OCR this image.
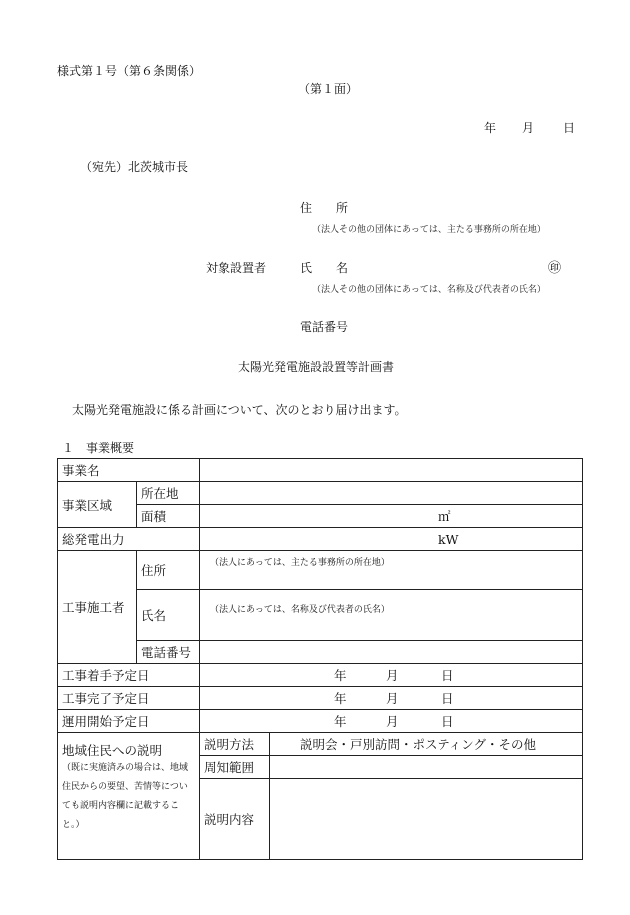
様式第１号（第６条関係）
（第１面）
年 月 日
（宛先）北茨城市長
住　　所
（法人その他の団体にあっては、主たる事務所の所在地）
対象設置者	氏　　名	㊞
（法人その他の団体にあっては、名称及び代表者の氏名）
電話番号
太陽光発電施設設置等計画書
太陽光発電施設に係る計画について、次のとおり届け出ます。
１　事業概要
事業名			
事業区域	所在地		
	面積	㎡	
総発電出力		kW	
工事施工者	住所	（法人にあっては、主たる事務所の所在地）	

	氏名	（法人にあっては、名称及び代表者の氏名）	

	電話番号		
工事着手予定日		年 月 日	
工事完了予定日		年 月 日	
運用開始予定日		年 月 日	

地域住民への説明
（既に実施済みの場合は、地域住民からの要望、苦情等についても説明内容欄に記載すること。）		説明方法	説明会・戸別訪問・ポスティング・その他
		周知範囲	
		説明内容	
